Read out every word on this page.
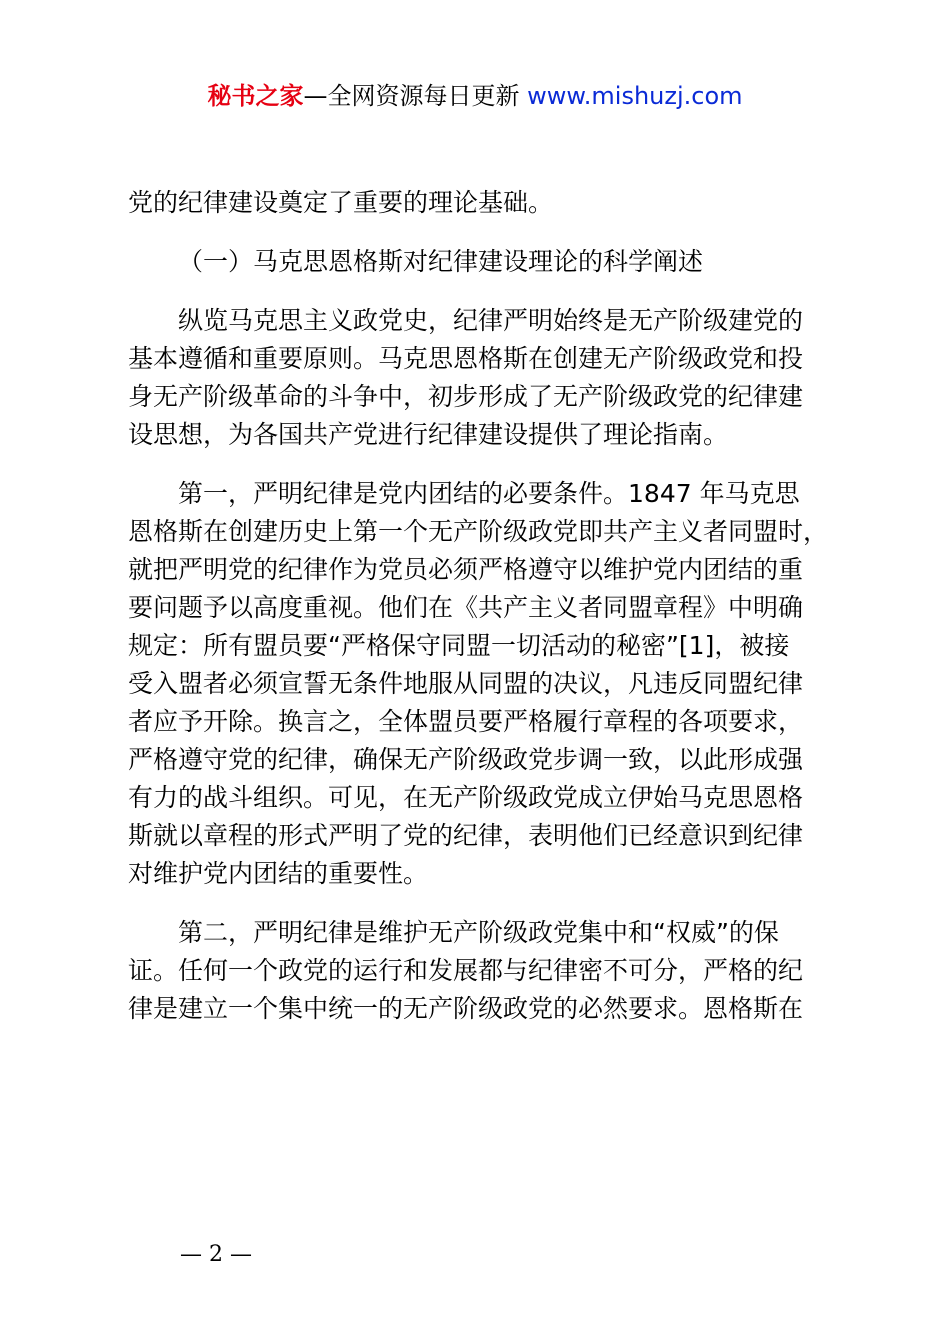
秘书之家—全网资源每日更新 www.mishuzj.com
党的纪律建设奠定了重要的理论基础。
（一）马克思恩格斯对纪律建设理论的科学阐述
纵览马克思主义政党史，纪律严明始终是无产阶级建党的
基本遵循和重要原则。马克思恩格斯在创建无产阶级政党和投
身无产阶级革命的斗争中，初步形成了无产阶级政党的纪律建
设思想，为各国共产党进行纪律建设提供了理论指南。
第一，严明纪律是党内团结的必要条件。1847 年马克思
恩格斯在创建历史上第一个无产阶级政党即共产主义者同盟时，
就把严明党的纪律作为党员必须严格遵守以维护党内团结的重
要问题予以高度重视。他们在《共产主义者同盟章程》中明确
规定：所有盟员要“严格保守同盟一切活动的秘密”[1]，被接
受入盟者必须宣誓无条件地服从同盟的决议，凡违反同盟纪律
者应予开除。换言之，全体盟员要严格履行章程的各项要求，
严格遵守党的纪律，确保无产阶级政党步调一致，以此形成强
有力的战斗组织。可见，在无产阶级政党成立伊始马克思恩格
斯就以章程的形式严明了党的纪律，表明他们已经意识到纪律
对维护党内团结的重要性。
第二，严明纪律是维护无产阶级政党集中和“权威”的保
证。任何一个政党的运行和发展都与纪律密不可分，严格的纪
律是建立一个集中统一的无产阶级政党的必然要求。恩格斯在
— 2 —
